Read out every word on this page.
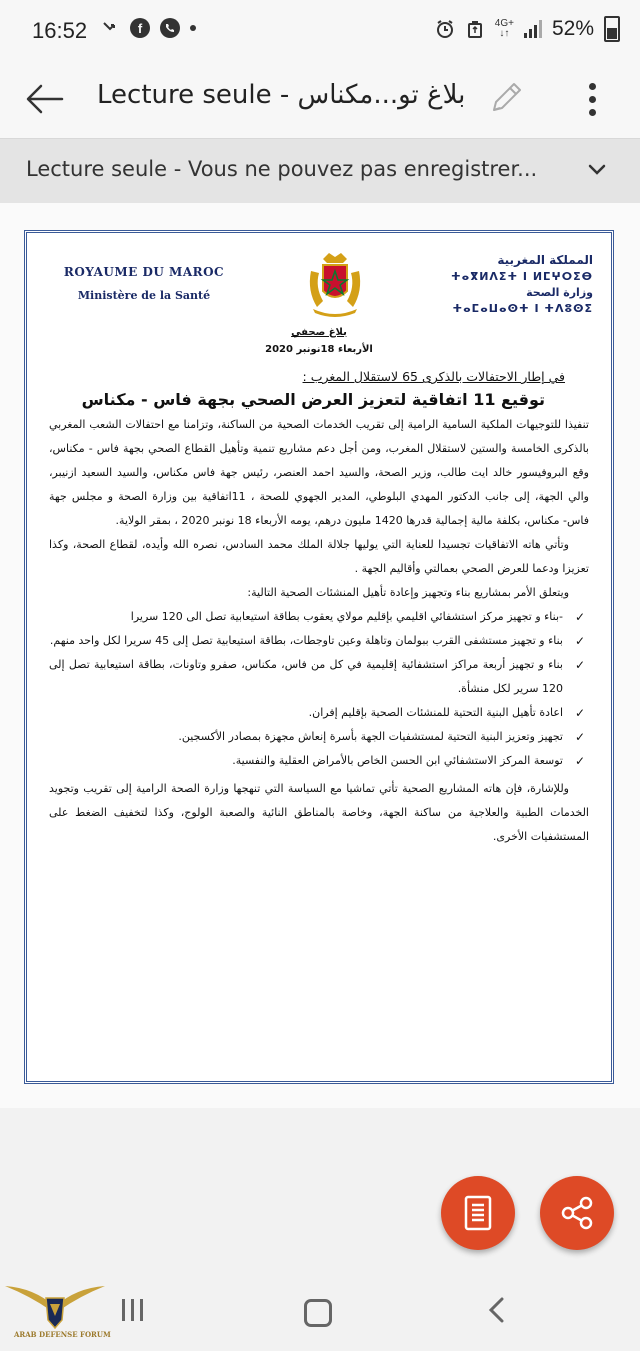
16:52	f	4G+
↓↑ 52%
Lecture seule - بلاغ تو...مكناس
Lecture seule - Vous ne pouvez pas enregistrer...
ROYAUME DU MAROC
Ministère de la Santé
المملكة المغربية
ⵜⴰⴳⵍⴷⵉⵜ ⵏ ⵍⵎⵖⵔⵉⴱ
وزارة الصحة
ⵜⴰⵎⴰⵡⴰⵙⵜ ⵏ ⵜⴷⵓⵙⵉ
بلاغ صحفي
الأربعاء 18نونبر 2020
في إطار الاحتفالات بالذكرى 65 لاستقلال المغرب :
توقيع 11 اتفاقية لتعزيز العرض الصحي بجهة فاس - مكناس
تنفيذا للتوجيهات الملكية السامية الرامية إلى تقريب الخدمات الصحية من الساكنة، وتزامنا مع احتفالات الشعب المغربي بالذكرى الخامسة والستين لاستقلال المغرب، ومن أجل دعم مشاريع تنمية وتأهيل القطاع الصحي بجهة فاس - مكناس، وقع البروفيسور خالد ايت طالب، وزير الصحة، والسيد احمد العنصر، رئيس جهة فاس مكناس، والسيد السعيد ازنيبر، والي الجهة، إلى جانب الدكتور المهدي البلوطي، المدير الجهوي للصحة ، 11اتفاقية بين وزارة الصحة و مجلس جهة فاس- مكناس، بكلفة مالية إجمالية قدرها 1420 مليون درهم، يومه الأربعاء 18 نونبر 2020 ، بمقر الولاية.
وتأتي هاته الاتفاقيات تجسيدا للعناية التي يوليها جلالة الملك محمد السادس، نصره الله وأيده، لقطاع الصحة، وكذا تعزيزا ودعما للعرض الصحي بعمالتي وأقاليم الجهة .
ويتعلق الأمر بمشاريع بناء وتجهيز وإعادة تأهيل المنشئات الصحية التالية:
✓
-بناء و تجهيز مركز استشفائي اقليمي بإقليم مولاي يعقوب بطاقة استيعابية تصل الى 120 سريرا
✓
بناء و تجهيز مستشفى القرب ببولمان وتاهلة وعين تاوجطات، بطاقة استيعابية تصل إلى 45 سريرا لكل واحد منهم.
✓
بناء و تجهيز أربعة مراكز استشفائية إقليمية في كل من فاس، مكناس، صفرو وتاونات، بطاقة استيعابية تصل إلى 120 سرير لكل منشأة.
✓
اعادة تأهيل البنية التحتية للمنشئات الصحية بإقليم إفران.
✓
تجهيز وتعزيز البنية التحتية لمستشفيات الجهة بأسرة إنعاش مجهزة بمصادر الأكسجين.
✓
توسعة المركز الاستشفائي ابن الحسن الخاص بالأمراض العقلية والنفسية.
وللإشارة، فإن هاته المشاريع الصحية تأتي تماشيا مع السياسة التي تنهجها وزارة الصحة الرامية إلى تقريب وتجويد الخدمات الطبية والعلاجية من ساكنة الجهة، وخاصة بالمناطق النائية والصعبة الولوج، وكذا لتخفيف الضغط على المستشفيات الأخرى.
ARAB DEFENSE FORUM
